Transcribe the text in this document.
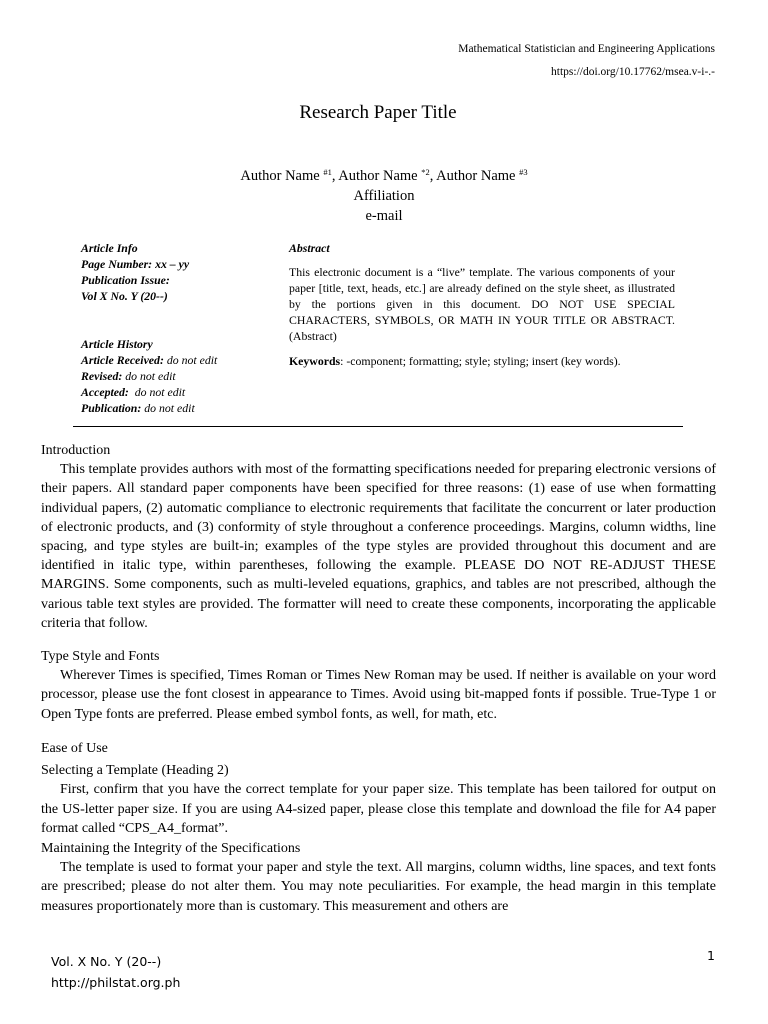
Mathematical Statistician and Engineering Applications
https://doi.org/10.17762/msea.v-i-.-
Research Paper Title
Author Name $^{\#1}$, Author Name $^{*2}$, Author Name $^{\#3}$
Affiliation
e-mail
Article Info
Page Number: xx – yy
Publication Issue:
Vol X No. Y (20--)
Article History
Article Received: do not edit
Revised: do not edit
Accepted: do not edit
Publication: do not edit
Abstract
This electronic document is a “live” template. The various components of your paper [title, text, heads, etc.] are already defined on the style sheet, as illustrated by the portions given in this document. DO NOT USE SPECIAL CHARACTERS, SYMBOLS, OR MATH IN YOUR TITLE OR ABSTRACT. (Abstract)
Keywords: -component; formatting; style; styling; insert (key words).
Introduction

This template provides authors with most of the formatting specifications needed for preparing electronic versions of their papers. All standard paper components have been specified for three reasons: (1) ease of use when formatting individual papers, (2) automatic compliance to electronic requirements that facilitate the concurrent or later production of electronic products, and (3) conformity of style throughout a conference proceedings. Margins, column widths, line spacing, and type styles are built-in; examples of the type styles are provided throughout this document and are identified in italic type, within parentheses, following the example. PLEASE DO NOT RE-ADJUST THESE MARGINS. Some components, such as multi-leveled equations, graphics, and tables are not prescribed, although the various table text styles are provided. The formatter will need to create these components, incorporating the applicable criteria that follow.

Type Style and Fonts

Wherever Times is specified, Times Roman or Times New Roman may be used. If neither is available on your word processor, please use the font closest in appearance to Times. Avoid using bit-mapped fonts if possible. True-Type 1 or Open Type fonts are preferred. Please embed symbol fonts, as well, for math, etc.

Ease of Use
Selecting a Template (Heading 2)

First, confirm that you have the correct template for your paper size. This template has been tailored for output on the US-letter paper size. If you are using A4-sized paper, please close this template and download the file for A4 paper format called “CPS_A4_format”.

Maintaining the Integrity of the Specifications

The template is used to format your paper and style the text. All margins, column widths, line spaces, and text fonts are prescribed; please do not alter them. You may note peculiarities. For example, the head margin in this template measures proportionately more than is customary. This measurement and others are

Vol. X No. Y (20--)
http://philstat.org.ph
1
